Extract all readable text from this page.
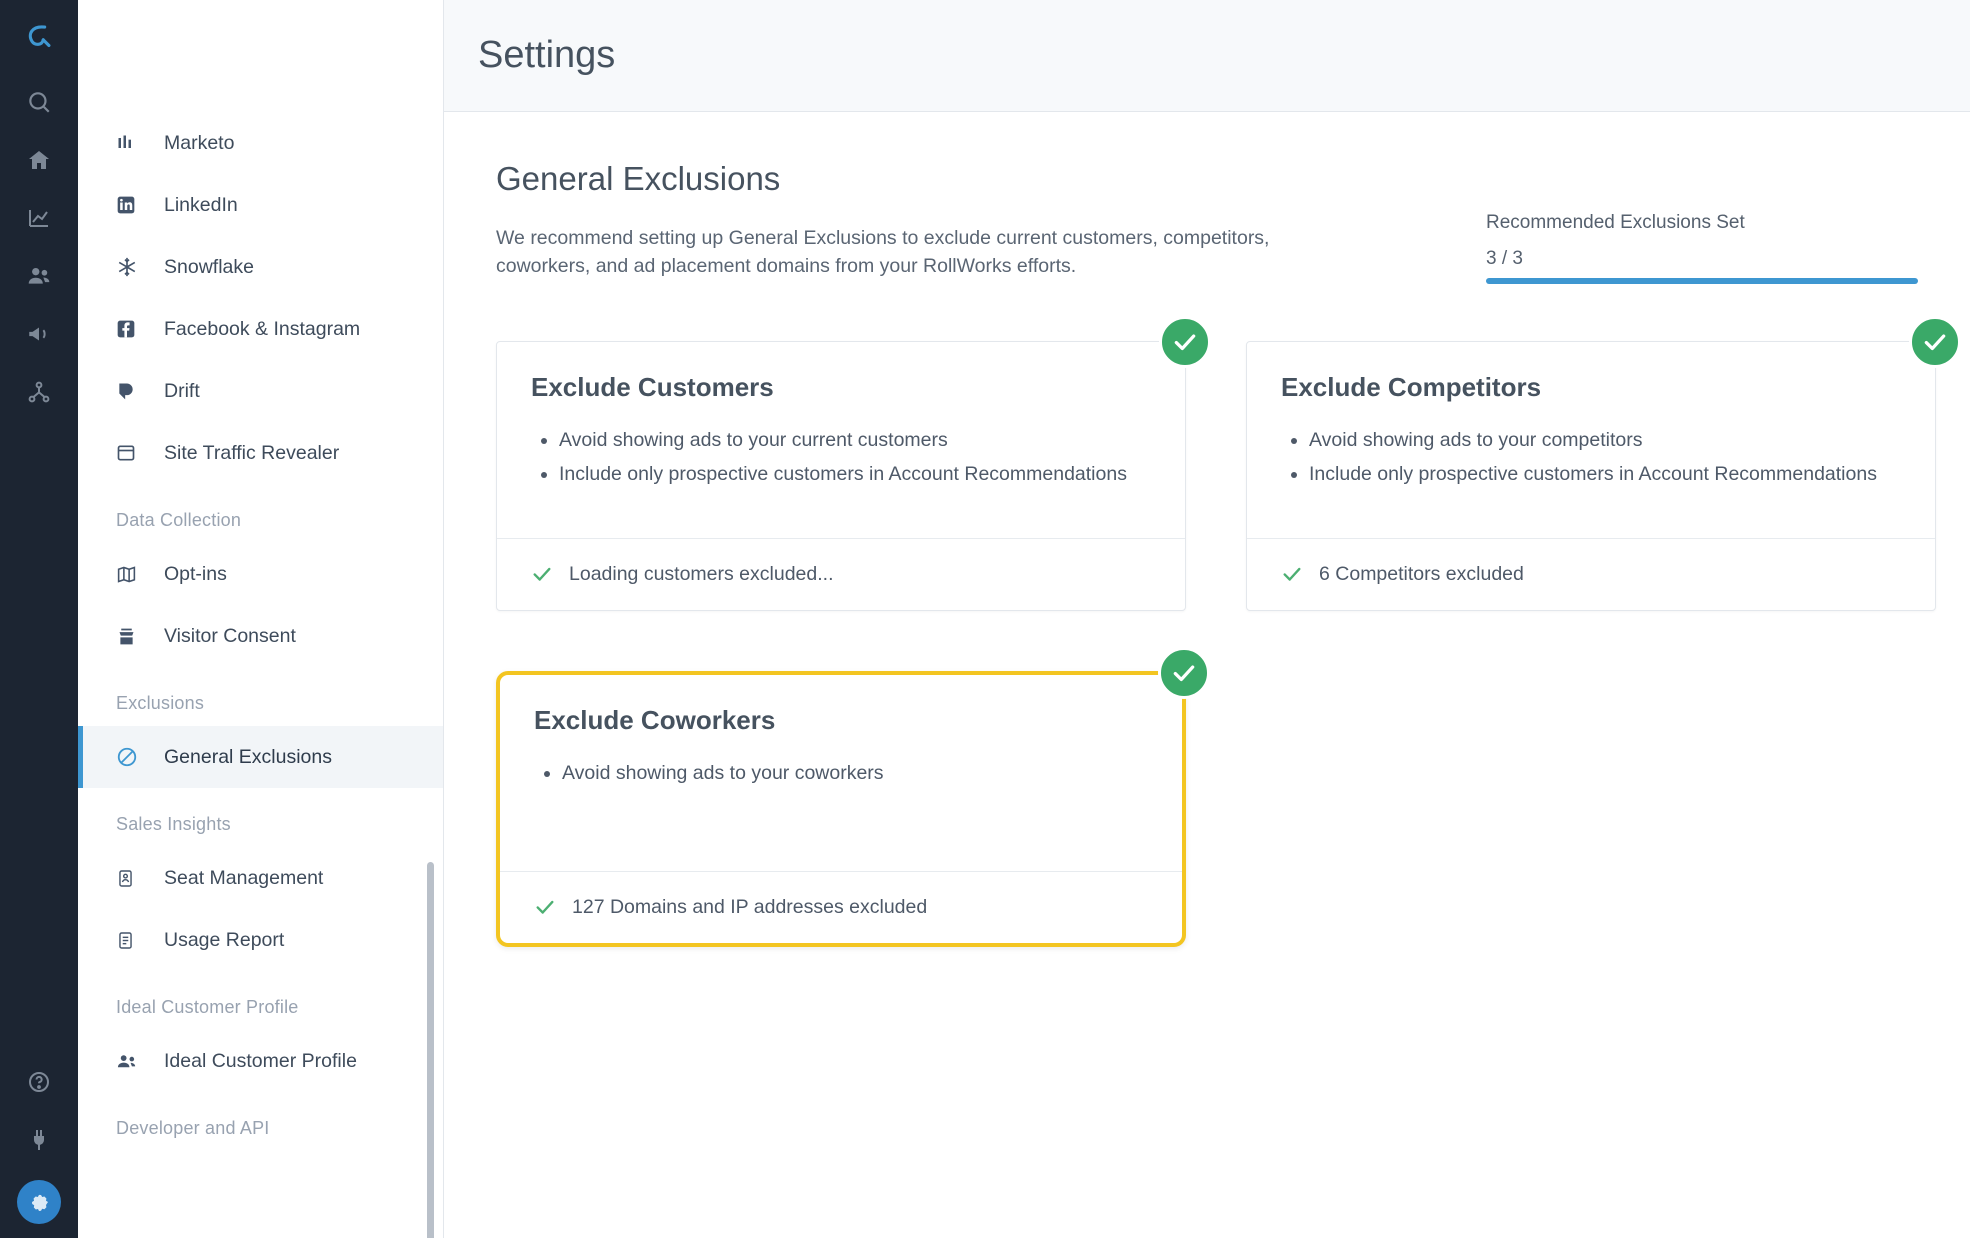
Marketo
LinkedIn
Snowflake
Facebook & Instagram
Drift
Site Traffic Revealer
Data Collection
Opt-ins
Visitor Consent
Exclusions
General Exclusions
Sales Insights
Seat Management
Usage Report
Ideal Customer Profile
Ideal Customer Profile
Developer and API
Settings
General Exclusions

We recommend setting up General Exclusions to exclude current customers, competitors, coworkers, and ad placement domains from your RollWorks efforts.

Recommended Exclusions Set
3 / 3
Exclude Customers
• Avoid showing ads to your current customers
• Include only prospective customers in Account Recommendations
Loading customers excluded...
Exclude Competitors
• Avoid showing ads to your competitors
• Include only prospective customers in Account Recommendations
6 Competitors excluded
Exclude Coworkers
• Avoid showing ads to your coworkers
127 Domains and IP addresses excluded
